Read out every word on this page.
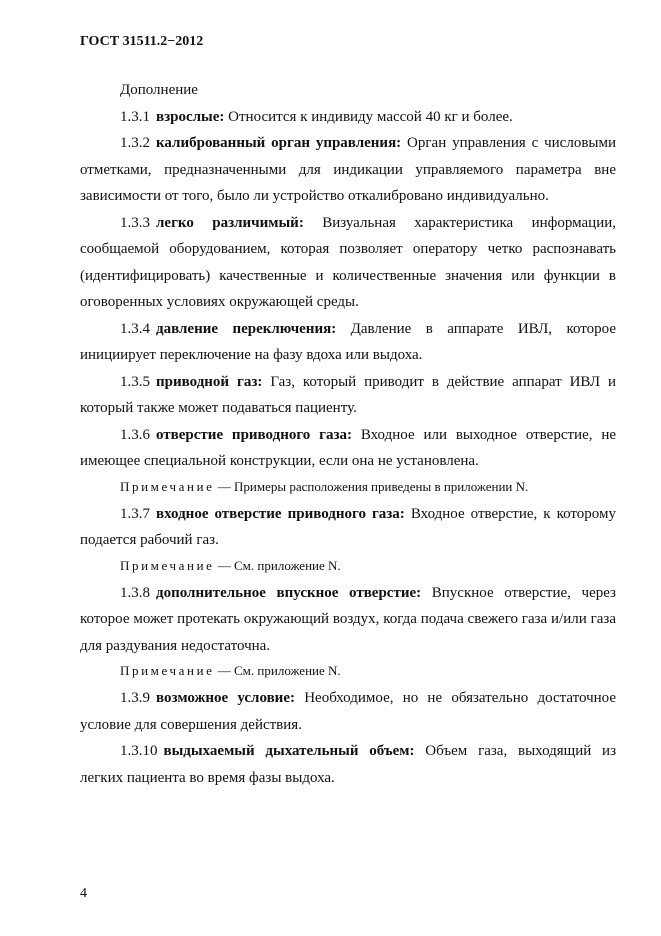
ГОСТ 31511.2−2012

Дополнение

1.3.1 взрослые: Относится к индивиду массой 40 кг и более.

1.3.2 калиброванный орган управления: Орган управления с числовыми отметками, предназначенными для индикации управляемого параметра вне зависимости от того, было ли устройство откалибровано индивидуально.

1.3.3 легко различимый: Визуальная характеристика информации, сообщаемой оборудованием, которая позволяет оператору четко распознавать (идентифицировать) качественные и количественные значения или функции в оговоренных условиях окружающей среды.

1.3.4 давление переключения: Давление в аппарате ИВЛ, которое инициирует переключение на фазу вдоха или выдоха.

1.3.5 приводной газ: Газ, который приводит в действие аппарат ИВЛ и который также может подаваться пациенту.

1.3.6 отверстие приводного газа: Входное или выходное отверстие, не имеющее специальной конструкции, если она не установлена.

Примечание — Примеры расположения приведены в приложении N.

1.3.7 входное отверстие приводного газа: Входное отверстие, к которому подается рабочий газ.

Примечание — См. приложение N.

1.3.8 дополнительное впускное отверстие: Впускное отверстие, через которое может протекать окружающий воздух, когда подача свежего газа и/или газа для раздувания недостаточна.

Примечание — См. приложение N.

1.3.9 возможное условие: Необходимое, но не обязательно достаточное условие для совершения действия.

1.3.10 выдыхаемый дыхательный объем: Объем газа, выходящий из легких пациента во время фазы выдоха.

4
